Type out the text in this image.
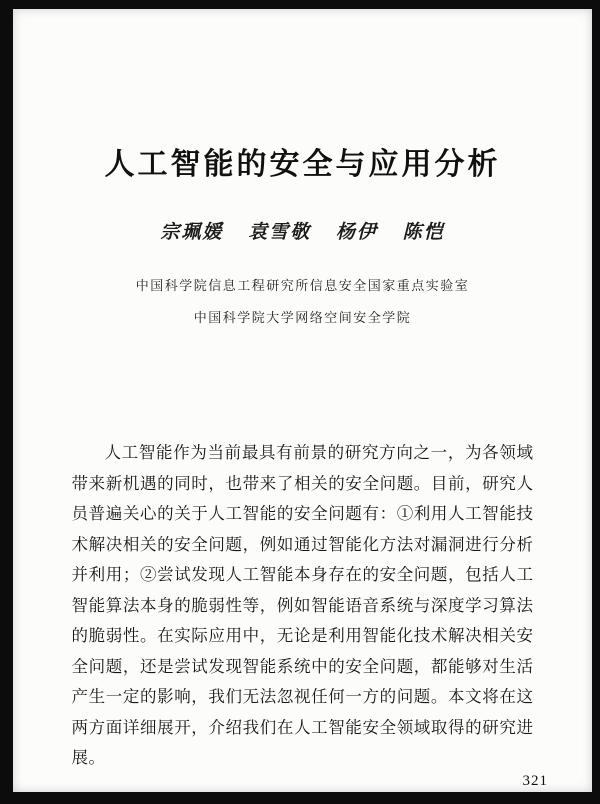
人工智能的安全与应用分析
宗珮媛 袁雪敬 杨伊 陈恺
中国科学院信息工程研究所信息安全国家重点实验室
中国科学院大学网络空间安全学院

人工智能作为当前最具有前景的研究方向之一，为各领域带来新机遇的同时，也带来了相关的安全问题。目前，研究人员普遍关心的关于人工智能的安全问题有：①利用人工智能技术解决相关的安全问题，例如通过智能化方法对漏洞进行分析并利用；②尝试发现人工智能本身存在的安全问题，包括人工智能算法本身的脆弱性等，例如智能语音系统与深度学习算法的脆弱性。在实际应用中，无论是利用智能化技术解决相关安全问题，还是尝试发现智能系统中的安全问题，都能够对生活产生一定的影响，我们无法忽视任何一方的问题。本文将在这两方面详细展开，介绍我们在人工智能安全领域取得的研究进展。

321
